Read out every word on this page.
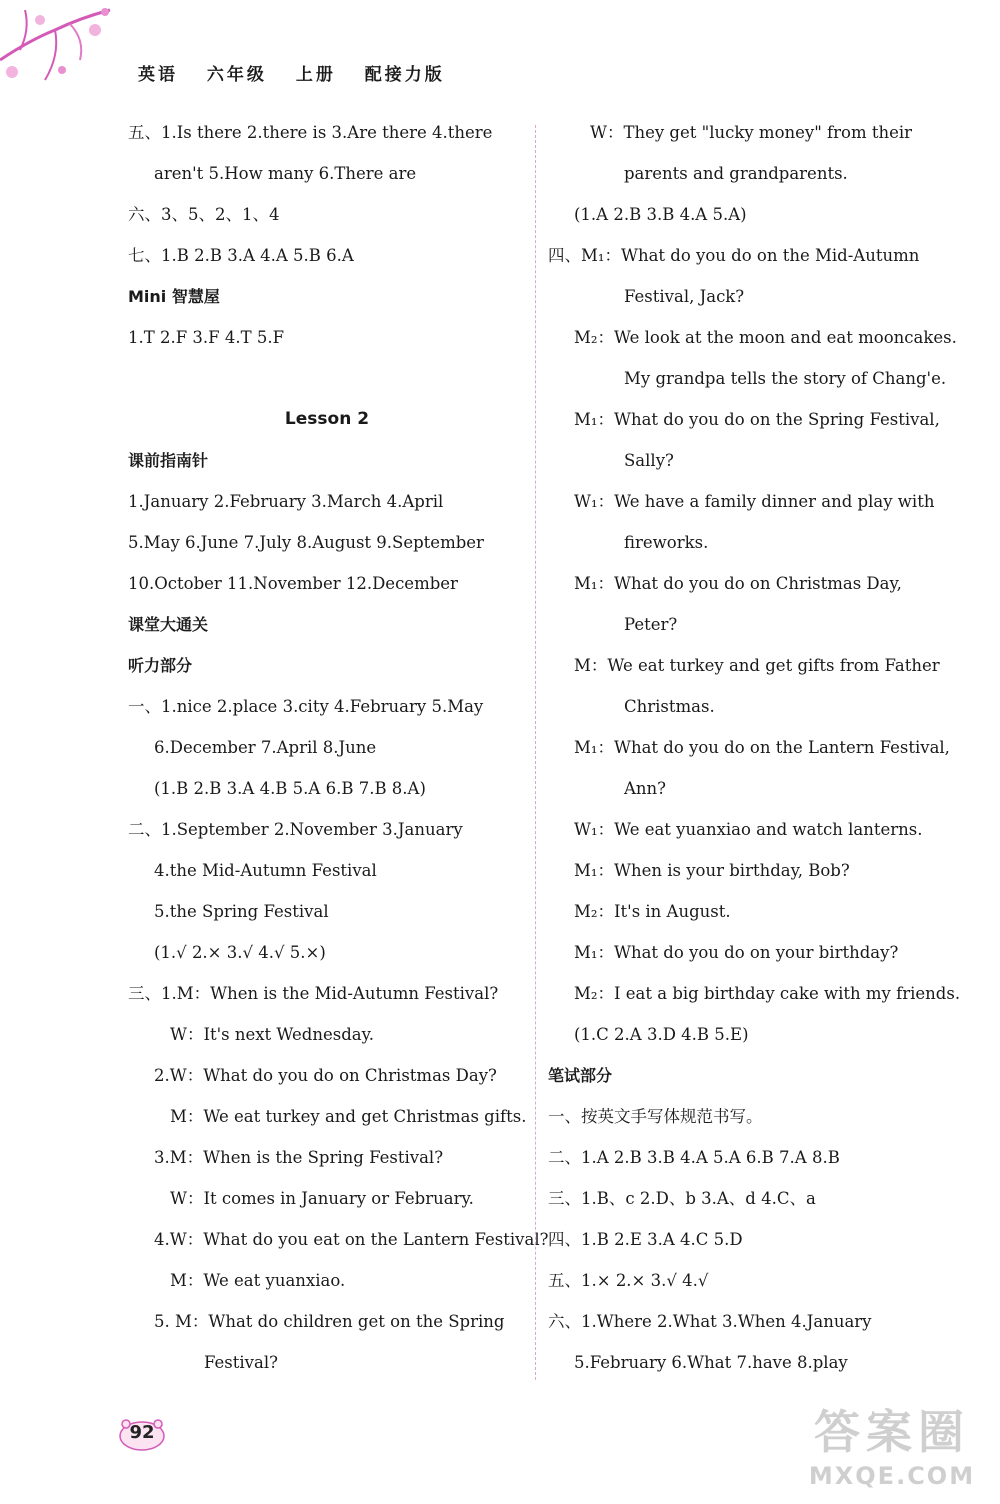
英语 六年级 上册 配接力版
五、1.Is there 2.there is 3.Are there 4.there
aren't 5.How many 6.There are
六、3、5、2、1、4
七、1.B 2.B 3.A 4.A 5.B 6.A
Mini 智慧屋
1.T 2.F 3.F 4.T 5.F
Lesson 2
课前指南针
1.January 2.February 3.March 4.April
5.May 6.June 7.July 8.August 9.September
10.October 11.November 12.December
课堂大通关
听力部分
一、1.nice 2.place 3.city 4.February 5.May
6.December 7.April 8.June
(1.B 2.B 3.A 4.B 5.A 6.B 7.B 8.A)
二、1.September 2.November 3.January
4.the Mid-Autumn Festival
5.the Spring Festival
(1.√ 2.× 3.√ 4.√ 5.×)
三、1.M：When is the Mid-Autumn Festival?
W：It's next Wednesday.
2.W：What do you do on Christmas Day?
M：We eat turkey and get Christmas gifts.
3.M：When is the Spring Festival?
W：It comes in January or February.
4.W：What do you eat on the Lantern Festival?
M：We eat yuanxiao.
5. M：What do children get on the Spring
Festival?
W：They get "lucky money" from their
parents and grandparents.
(1.A 2.B 3.B 4.A 5.A)
四、M₁：What do you do on the Mid-Autumn
Festival, Jack?
M₂：We look at the moon and eat mooncakes.
My grandpa tells the story of Chang'e.
M₁：What do you do on the Spring Festival,
Sally?
W₁：We have a family dinner and play with
fireworks.
M₁：What do you do on Christmas Day,
Peter?
M：We eat turkey and get gifts from Father
Christmas.
M₁：What do you do on the Lantern Festival,
Ann?
W₁：We eat yuanxiao and watch lanterns.
M₁：When is your birthday, Bob?
M₂：It's in August.
M₁：What do you do on your birthday?
M₂：I eat a big birthday cake with my friends.
(1.C 2.A 3.D 4.B 5.E)
笔试部分
一、按英文手写体规范书写。
二、1.A 2.B 3.B 4.A 5.A 6.B 7.A 8.B
三、1.B、c 2.D、b 3.A、d 4.C、a
四、1.B 2.E 3.A 4.C 5.D
五、1.× 2.× 3.√ 4.√
六、1.Where 2.What 3.When 4.January
5.February 6.What 7.have 8.play
92	答案圈
MXQE.COM
